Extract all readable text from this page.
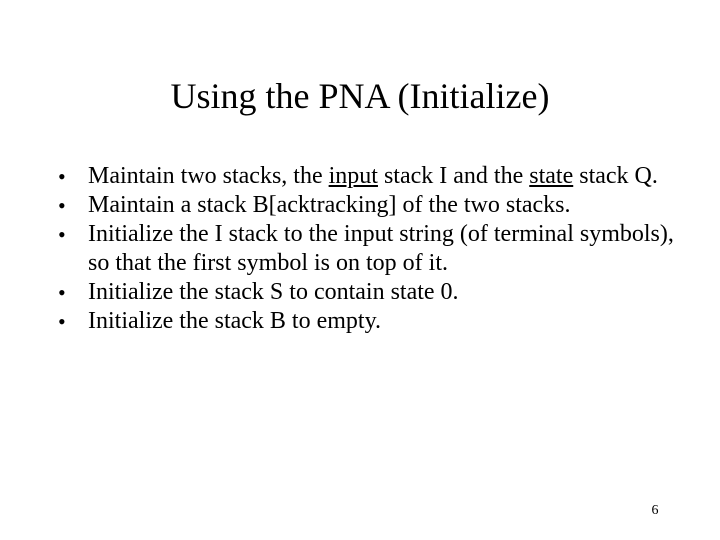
Using the PNA (Initialize)
• Maintain two stacks, the input stack I and the state stack Q.
• Maintain a stack B[acktracking] of the two stacks.
• Initialize the I stack to the input string (of terminal symbols), so that the first symbol is on top of it.
• Initialize the stack S to contain state 0.
• Initialize the stack B to empty.
6
